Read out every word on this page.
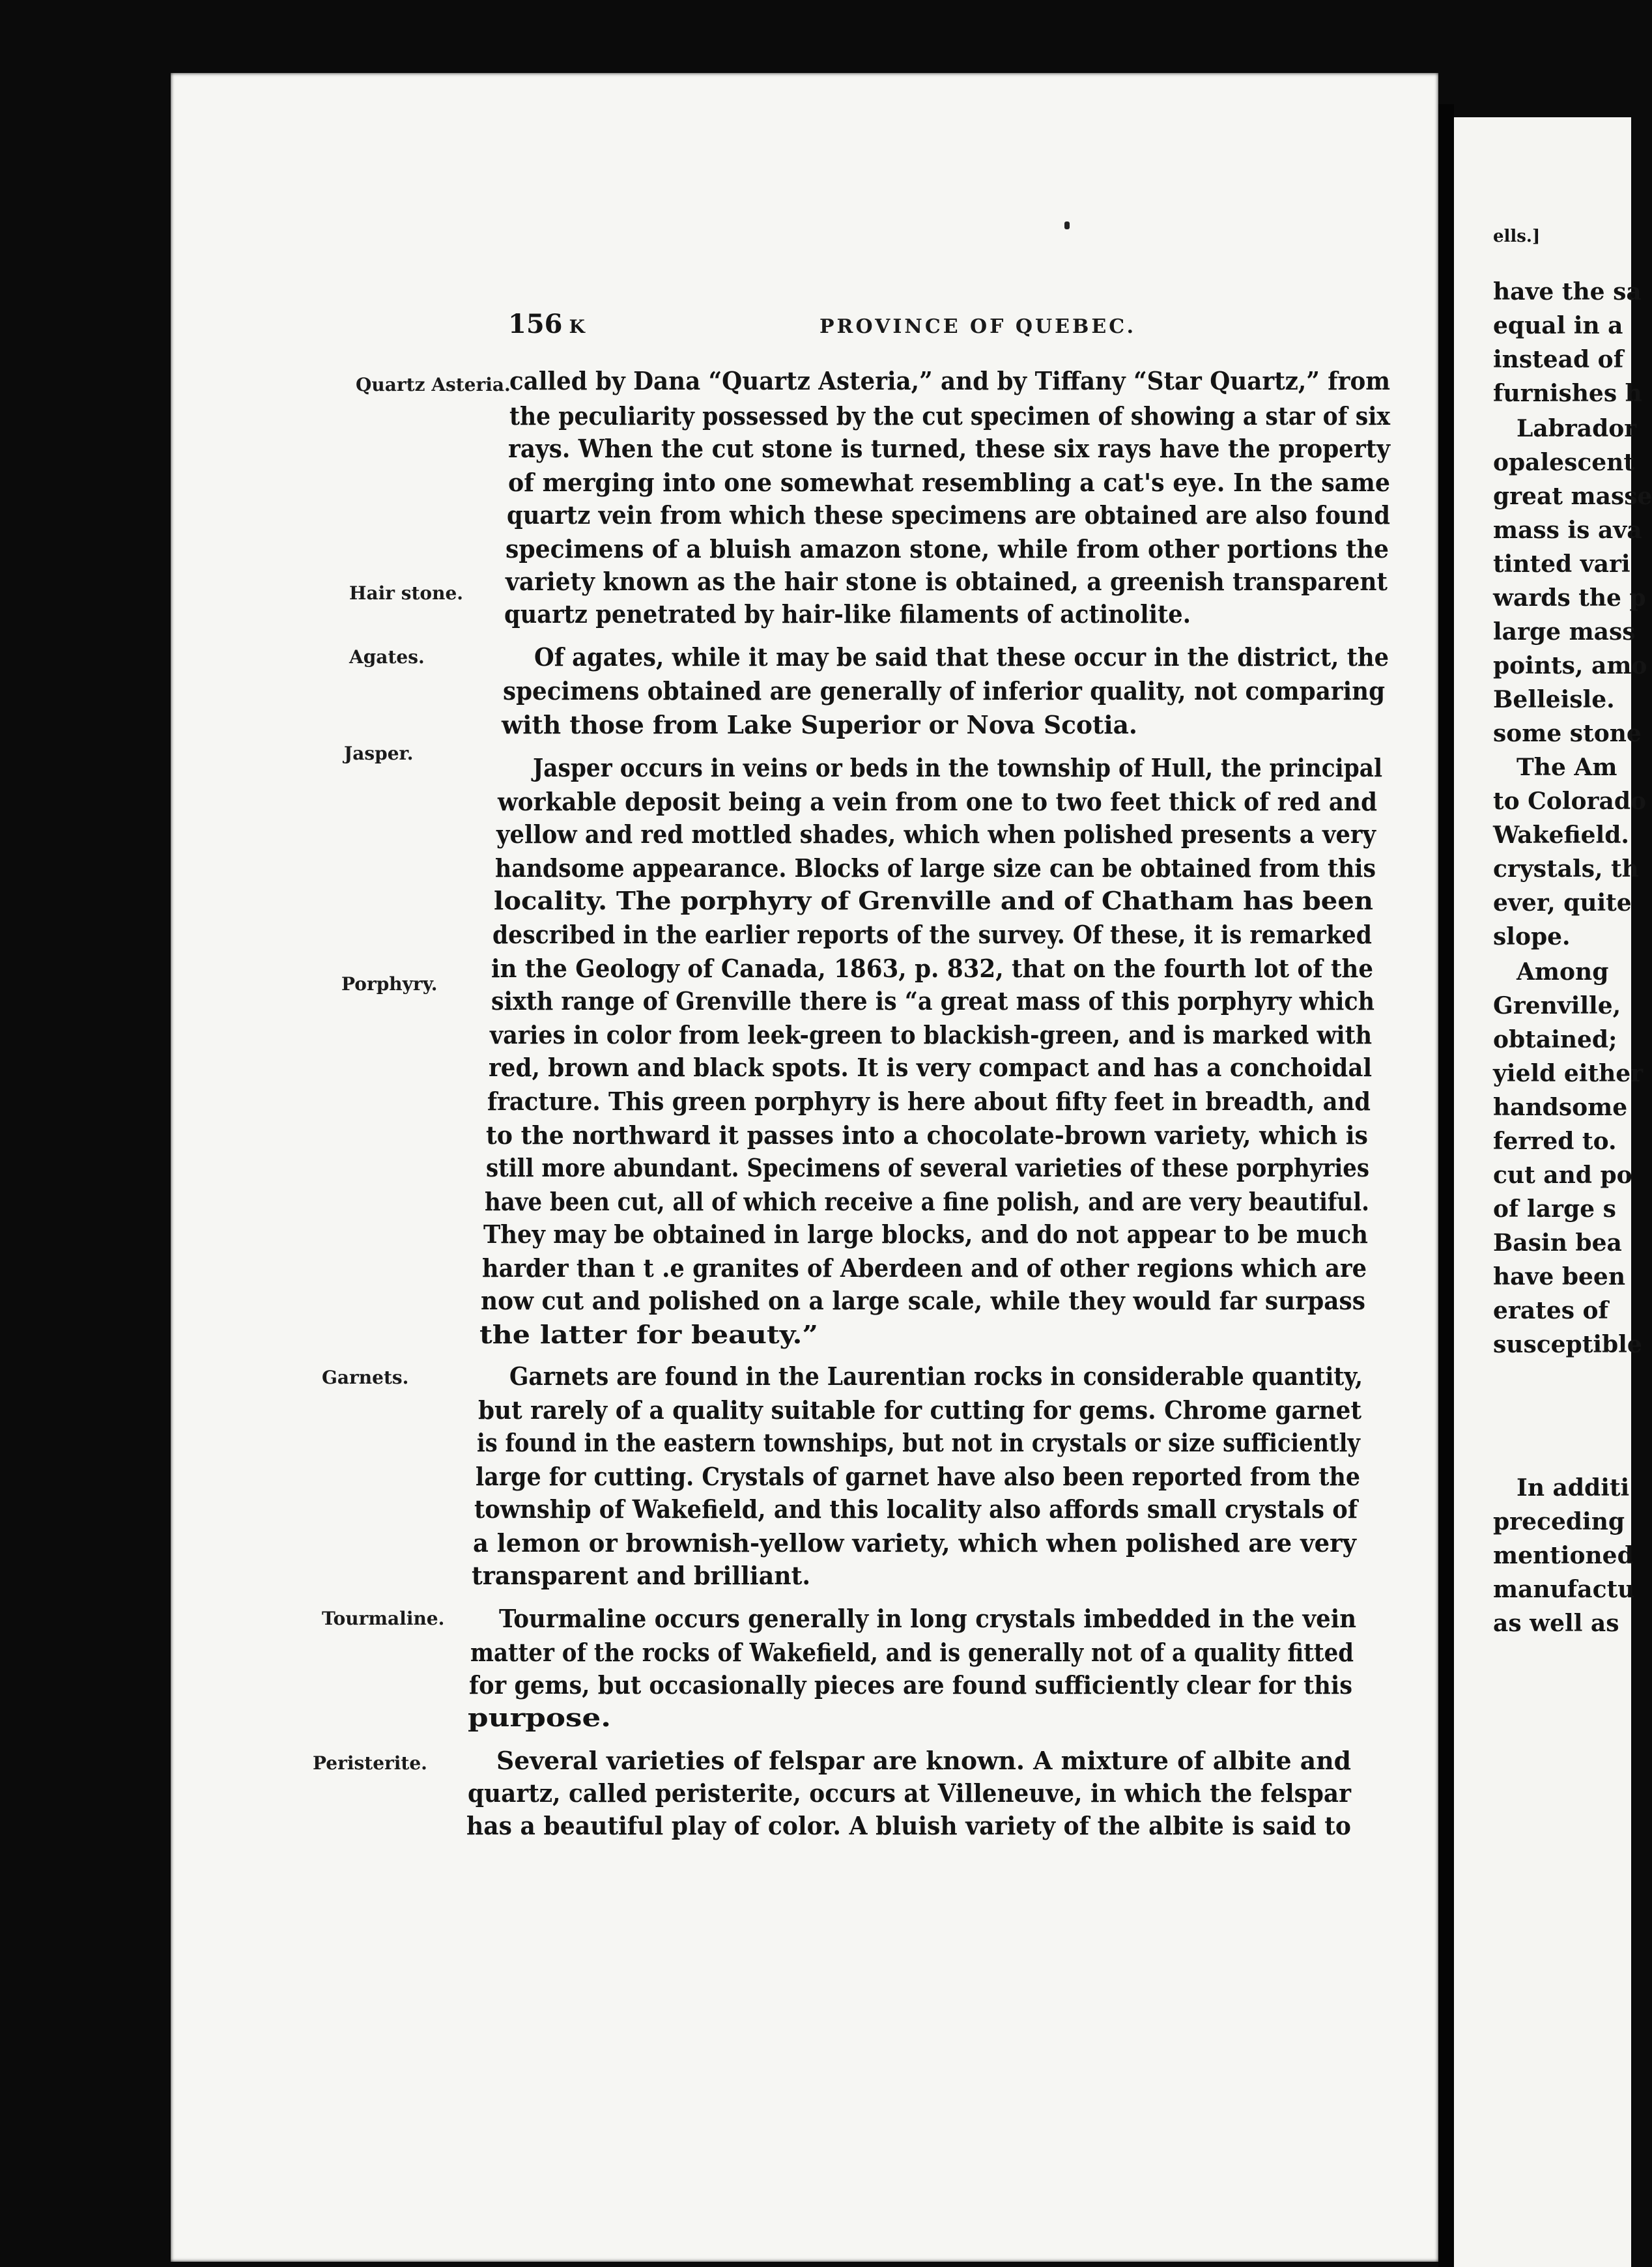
ells.]
have the sa
equal in a
instead of
furnishes h
Labrador
opalescent
great masse
mass is ava
tinted vari
wards the p
large mass
points, amo
Belleisle.
some stone
The Am
to Colorado
Wakefield.
crystals, th
ever, quite
slope.
Among
Grenville,
obtained;
yield either
handsome
ferred to.
cut and po
of large s
Basin bea
have been
erates of
susceptible
In additi
preceding
mentioned
manufactu
as well as
156 K	PROVINCE OF QUEBEC.
Quartz Asteria.
Hair stone.
Agates.
Jasper.
Porphyry.
Garnets.
Tourmaline.
Peristerite.
called by Dana “Quartz Asteria,” and by Tiffany “Star Quartz,” from
the peculiarity possessed by the cut specimen of showing a star of six
rays. When the cut stone is turned, these six rays have the property
of merging into one somewhat resembling a cat's eye. In the same
quartz vein from which these specimens are obtained are also found
specimens of a bluish amazon stone, while from other portions the
variety known as the hair stone is obtained, a greenish transparent
quartz penetrated by hair-like filaments of actinolite.
Of agates, while it may be said that these occur in the district, the
specimens obtained are generally of inferior quality, not comparing
with those from Lake Superior or Nova Scotia.
Jasper occurs in veins or beds in the township of Hull, the principal
workable deposit being a vein from one to two feet thick of red and
yellow and red mottled shades, which when polished presents a very
handsome appearance. Blocks of large size can be obtained from this
locality. The porphyry of Grenville and of Chatham has been
described in the earlier reports of the survey. Of these, it is remarked
in the Geology of Canada, 1863, p. 832, that on the fourth lot of the
sixth range of Grenville there is “a great mass of this porphyry which
varies in color from leek-green to blackish-green, and is marked with
red, brown and black spots. It is very compact and has a conchoidal
fracture. This green porphyry is here about fifty feet in breadth, and
to the northward it passes into a chocolate-brown variety, which is
still more abundant. Specimens of several varieties of these porphyries
have been cut, all of which receive a fine polish, and are very beautiful.
They may be obtained in large blocks, and do not appear to be much
harder than t .e granites of Aberdeen and of other regions which are
now cut and polished on a large scale, while they would far surpass
the latter for beauty.”
Garnets are found in the Laurentian rocks in considerable quantity,
but rarely of a quality suitable for cutting for gems. Chrome garnet
is found in the eastern townships, but not in crystals or size sufficiently
large for cutting. Crystals of garnet have also been reported from the
township of Wakefield, and this locality also affords small crystals of
a lemon or brownish-yellow variety, which when polished are very
transparent and brilliant.
Tourmaline occurs generally in long crystals imbedded in the vein
matter of the rocks of Wakefield, and is generally not of a quality fitted
for gems, but occasionally pieces are found sufficiently clear for this
purpose.
Several varieties of felspar are known. A mixture of albite and
quartz, called peristerite, occurs at Villeneuve, in which the felspar
has a beautiful play of color. A bluish variety of the albite is said to
